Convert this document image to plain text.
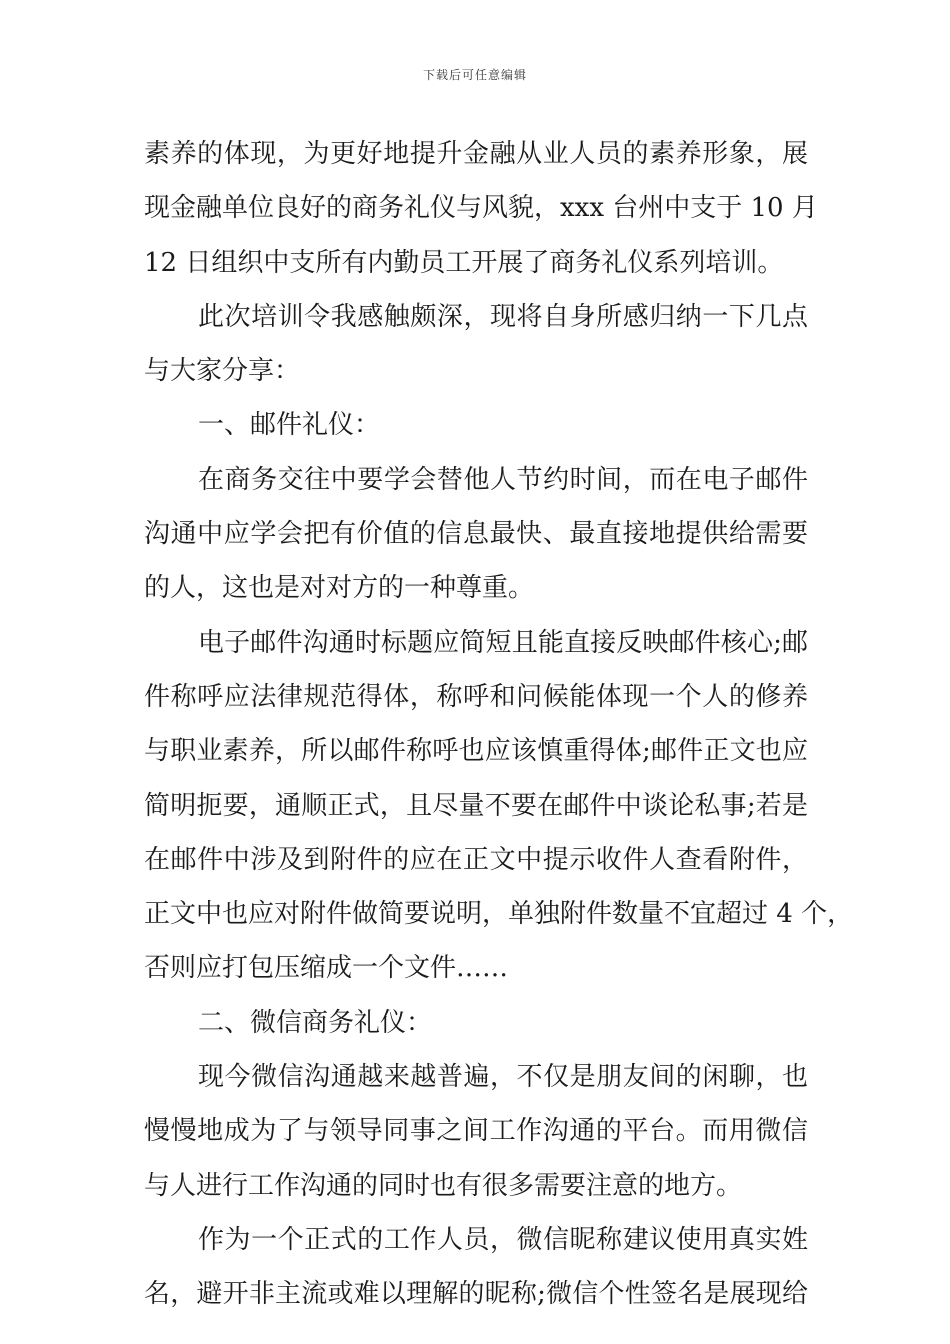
下载后可任意编辑
素养的体现，为更好地提升金融从业人员的素养形象，展
现金融单位良好的商务礼仪与风貌，xxx 台州中支于 10 月
12 日组织中支所有内勤员工开展了商务礼仪系列培训。
此次培训令我感触颇深，现将自身所感归纳一下几点
与大家分享：
一、邮件礼仪：
在商务交往中要学会替他人节约时间，而在电子邮件
沟通中应学会把有价值的信息最快、最直接地提供给需要
的人，这也是对对方的一种尊重。
电子邮件沟通时标题应简短且能直接反映邮件核心;邮
件称呼应法律规范得体，称呼和问候能体现一个人的修养
与职业素养，所以邮件称呼也应该慎重得体;邮件正文也应
简明扼要，通顺正式，且尽量不要在邮件中谈论私事;若是
在邮件中涉及到附件的应在正文中提示收件人查看附件，
正文中也应对附件做简要说明，单独附件数量不宜超过 4 个，
否则应打包压缩成一个文件……
二、微信商务礼仪：
现今微信沟通越来越普遍，不仅是朋友间的闲聊，也
慢慢地成为了与领导同事之间工作沟通的平台。而用微信
与人进行工作沟通的同时也有很多需要注意的地方。
作为一个正式的工作人员，微信昵称建议使用真实姓
名，避开非主流或难以理解的昵称;微信个性签名是展现给
